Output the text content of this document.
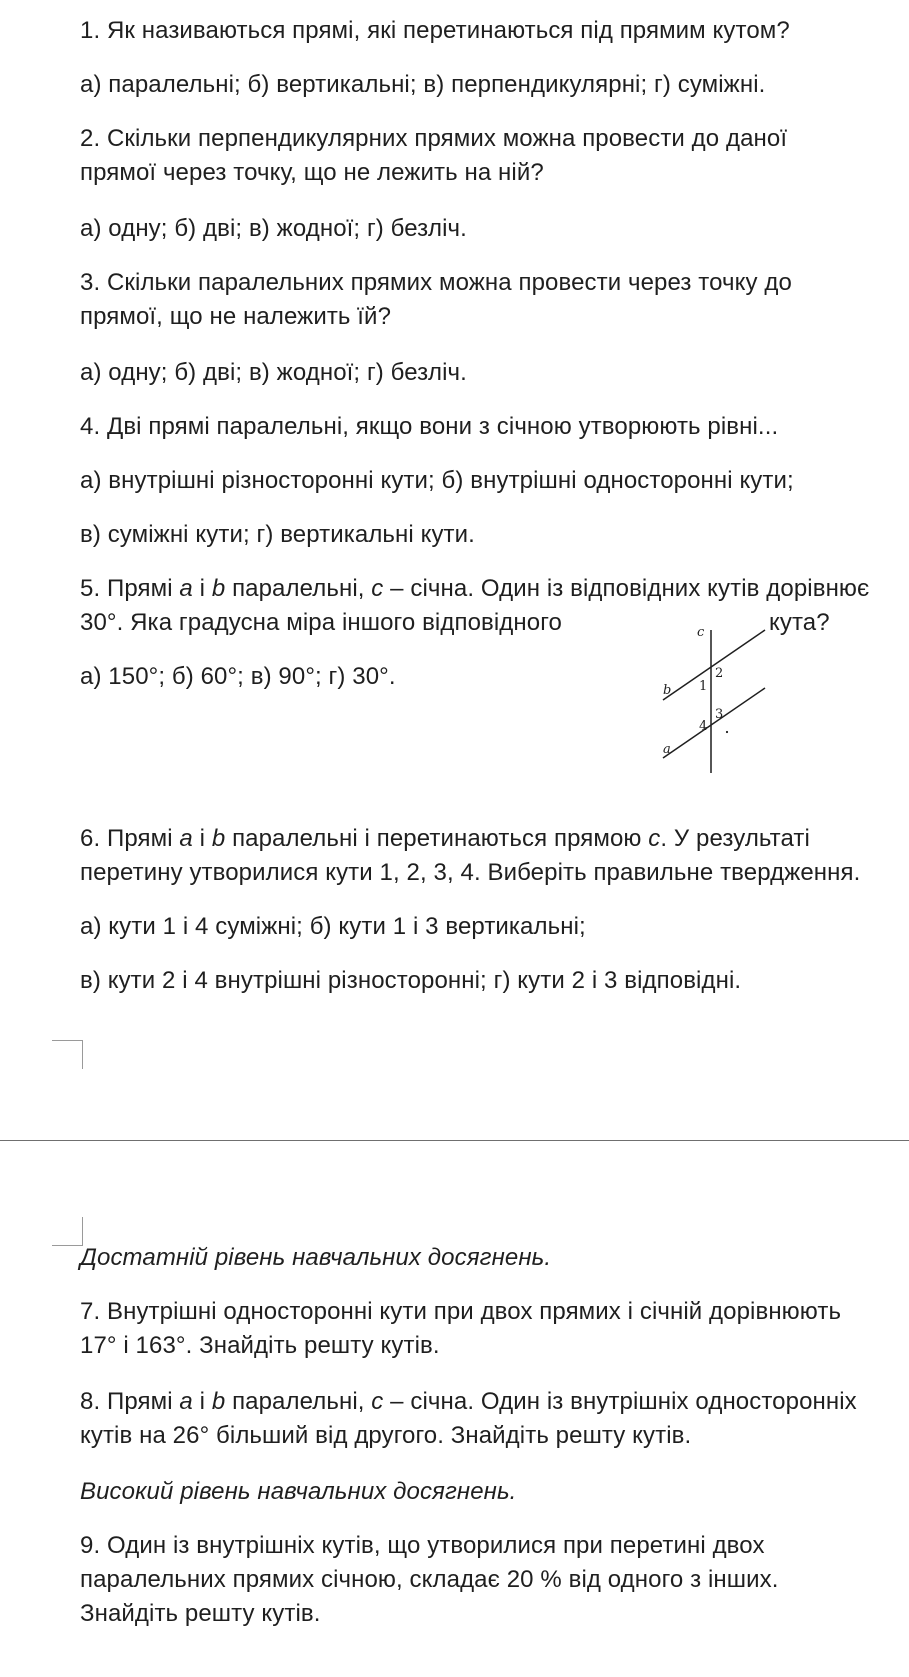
1. Як називаються прямі, які перетинаються під прямим кутом?

а) паралельні; б) вертикальні; в) перпендикулярні; г) суміжні.

2. Скільки перпендикулярних прямих можна провести до даної

прямої через точку, що не лежить на ній?

а) одну; б) дві; в) жодної; г) безліч.

3. Скільки паралельних прямих можна провести через точку до

прямої, що не належить їй?

а) одну; б) дві; в) жодної; г) безліч.

4. Дві прямі паралельні, якщо вони з січною утворюють рівні...

а) внутрішні різносторонні кути; б) внутрішні односторонні кути;

в) суміжні кути; г) вертикальні кути.

5. Прямі а і b паралельні, с – січна. Один із відповідних кутів дорівнює

30°. Яка градусна міра іншого відповідного	кута?

а) 150°; б) 60°; в) 90°; г) 30°.

c
b
a
1
2
3
4

6. Прямі а і b паралельні і перетинаються прямою с. У результаті

перетину утворилися кути 1, 2, 3, 4. Виберіть правильне твердження.

а) кути 1 і 4 суміжні; б) кути 1 і 3 вертикальні;

в) кути 2 і 4 внутрішні різносторонні; г) кути 2 і 3 відповідні.

Достатній рівень навчальних досягнень.

7. Внутрішні односторонні кути при двох прямих і січній дорівнюють

17° і 163°. Знайдіть решту кутів.

8. Прямі а і b паралельні, с – січна. Один із внутрішніх односторонніх

кутів на 26° більший від другого. Знайдіть решту кутів.

Високий рівень навчальних досягнень.

9. Один із внутрішніх кутів, що утворилися при перетині двох

паралельних прямих січною, складає 20 % від одного з інших.

Знайдіть решту кутів.
